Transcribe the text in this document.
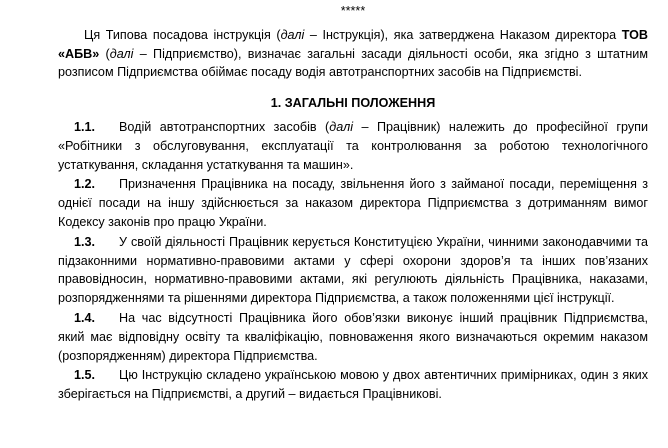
*****

Ця Типова посадова інструкція (далі – Інструкція), яка затверджена Наказом директора ТОВ «АБВ» (далі – Підприємство), визначає загальні засади діяльності особи, яка згідно з штатним розписом Підприємства обіймає посаду водія автотранспортних засобів на Підприємстві.

1. ЗАГАЛЬНІ ПОЛОЖЕННЯ

1.1. Водій автотранспортних засобів (далі – Працівник) належить до професійної групи «Робітники з обслуговування, експлуатації та контролювання за роботою технологічного устаткування, складання устаткування та машин».

1.2. Призначення Працівника на посаду, звільнення його з займаної посади, переміщення з однієї посади на іншу здійснюється за наказом директора Підприємства з дотриманням вимог Кодексу законів про працю України.

1.3. У своїй діяльності Працівник керується Конституцією України, чинними законодавчими та підзаконними нормативно-правовими актами у сфері охорони здоров’я та інших пов’язаних правовідносин, нормативно-правовими актами, які регулюють діяльність Працівника, наказами, розпорядженнями та рішеннями директора Підприємства, а також положеннями цієї інструкції.

1.4. На час відсутності Працівника його обов’язки виконує інший працівник Підприємства, який має відповідну освіту та кваліфікацію, повноваження якого визначаються окремим наказом (розпорядженням) директора Підприємства.

1.5. Цю Інструкцію складено українською мовою у двох автентичних примірниках, один з яких зберігається на Підприємстві, а другий – видається Працівникові.
